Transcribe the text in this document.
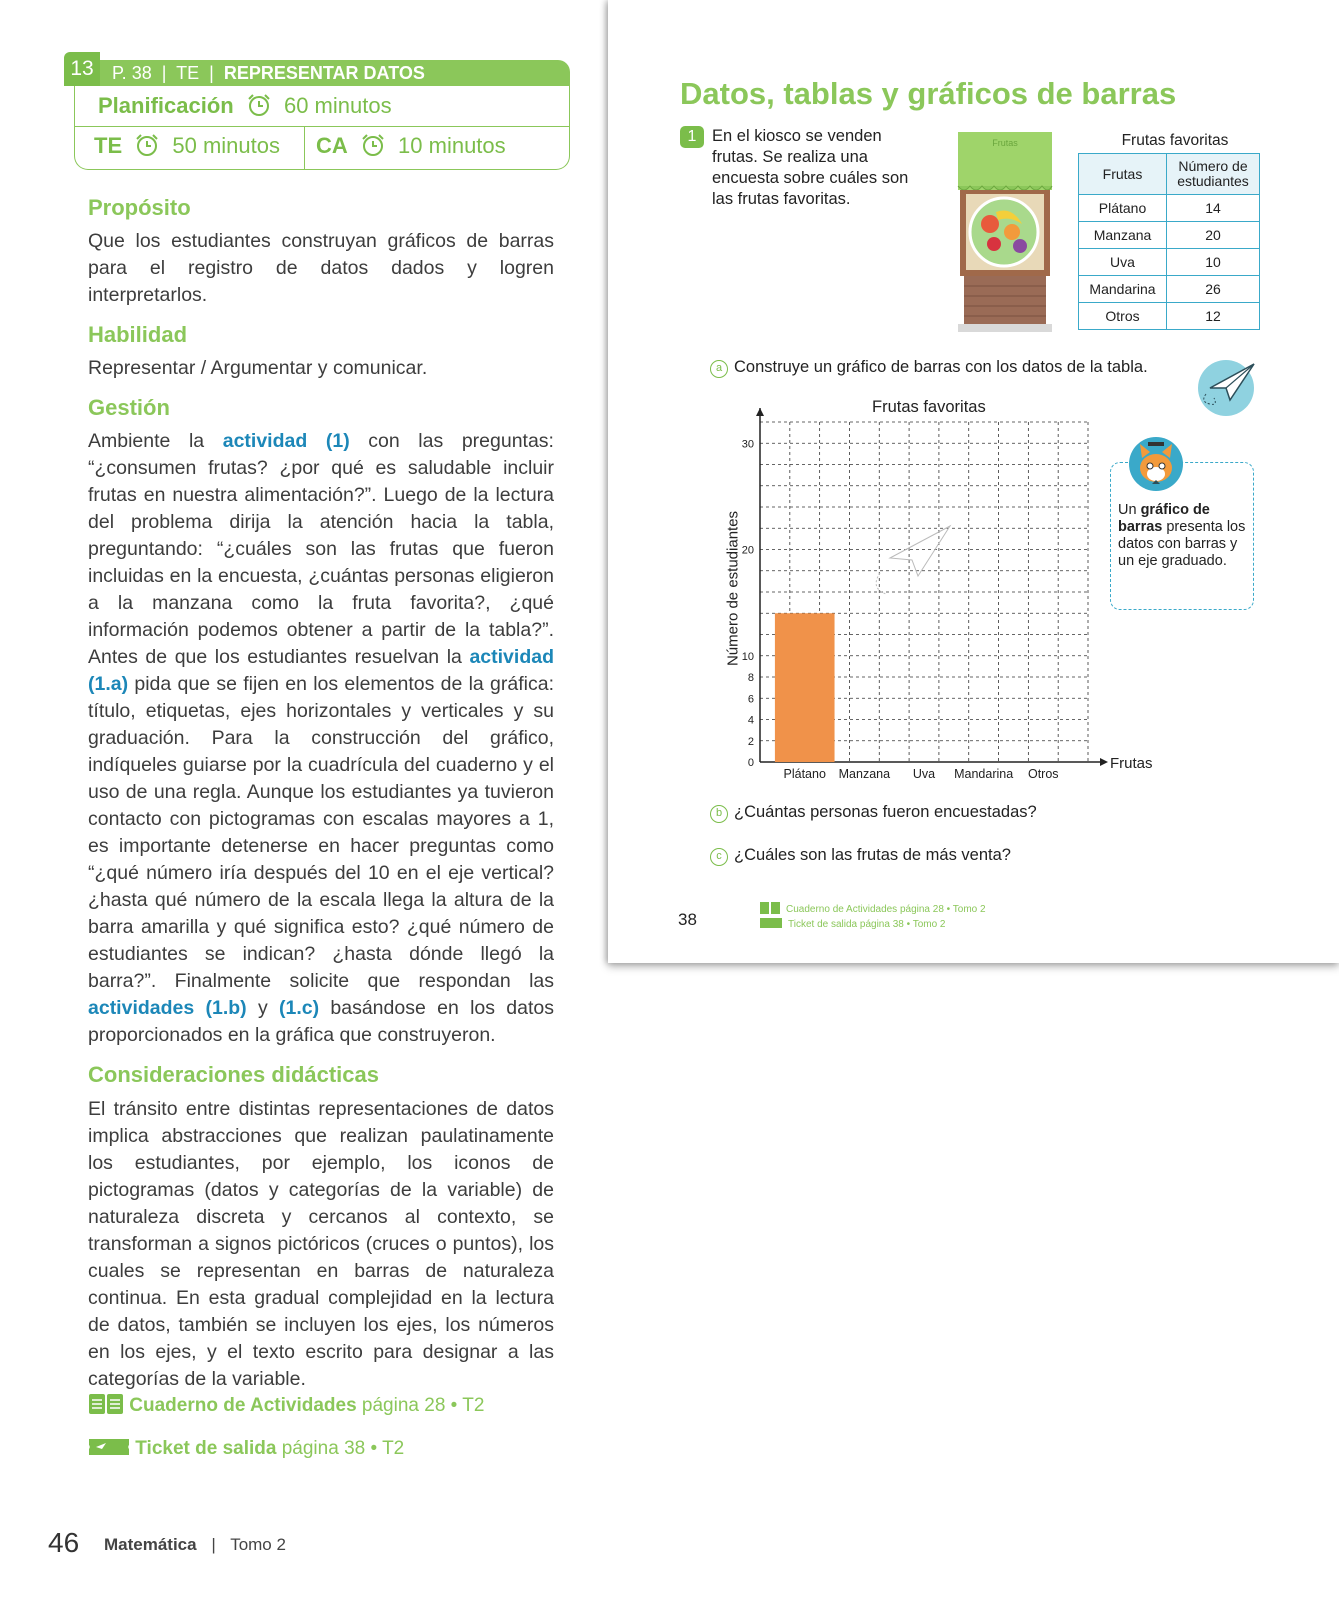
13	P. 38  |  TE  |  REPRESENTAR DATOS
Planificación 60 minutos
TE 50 minutos CA 10 minutos
Propósito
Que los estudiantes construyan gráficos de barras para el registro de datos dados y logren interpretarlos.
Habilidad
Representar / Argumentar y comunicar.
Gestión
Ambiente la actividad (1) con las preguntas: “¿consumen frutas? ¿por qué es saludable incluir frutas en nuestra alimentación?”. Luego de la lectura del problema dirija la atención hacia la tabla, preguntando: “¿cuáles son las frutas que fueron incluidas en la encuesta, ¿cuántas personas eligieron a la manzana como la fruta favorita?, ¿qué información podemos obtener a partir de la tabla?”. Antes de que los estudiantes resuelvan la actividad (1.a) pida que se fijen en los elementos de la gráfica: título, etiquetas, ejes horizontales y verticales y su graduación. Para la construcción del gráfico, indíqueles guiarse por la cuadrícula del cuaderno y el uso de una regla. Aunque los estudiantes ya tuvieron contacto con pictogramas con escalas mayores a 1, es importante detenerse en hacer preguntas como “¿qué número iría después del 10 en el eje vertical? ¿hasta qué número de la escala llega la altura de la barra amarilla y qué significa esto? ¿qué número de estudiantes se indican? ¿hasta dónde llegó la barra?”. Finalmente solicite que respondan las actividades (1.b) y (1.c) basándose en los datos proporcionados en la gráfica que construyeron.
Consideraciones didácticas
El tránsito entre distintas representaciones de datos implica abstracciones que realizan paulatinamente los estudiantes, por ejemplo, los iconos de pictogramas (datos y categorías de la variable) de naturaleza discreta y cercanos al contexto, se transforman a signos pictóricos (cruces o puntos), los cuales se representan en barras de naturaleza continua. En esta gradual complejidad en la lectura de datos, también se incluyen los ejes, los números en los ejes, y el texto escrito para designar a las categorías de la variable.
Cuaderno de Actividades página 28 • T2
Ticket de salida página 38 • T2
46 Matemática | Tomo 2
Datos, tablas y gráficos de barras
1 En el kiosco se venden frutas. Se realiza una encuesta sobre cuáles son las frutas favoritas.
Frutas	Frutas favoritas
Frutas	Número de estudiantes
Plátano	14
Manzana	20
Uva	10
Mandarina	26
Otros	12
a Construye un gráfico de barras con los datos de la tabla.
Frutas favoritas
Número de estudiantes
0
2
4
6
8
10
20
30
Plátano Manzana Uva Mandarina Otros
Frutas
Un gráfico de barras presenta los datos con barras y un eje graduado.
b ¿Cuántas personas fueron encuestadas?
c ¿Cuáles son las frutas de más venta?
38
Cuaderno de Actividades página 28 • Tomo 2
Ticket de salida página 38 • Tomo 2
